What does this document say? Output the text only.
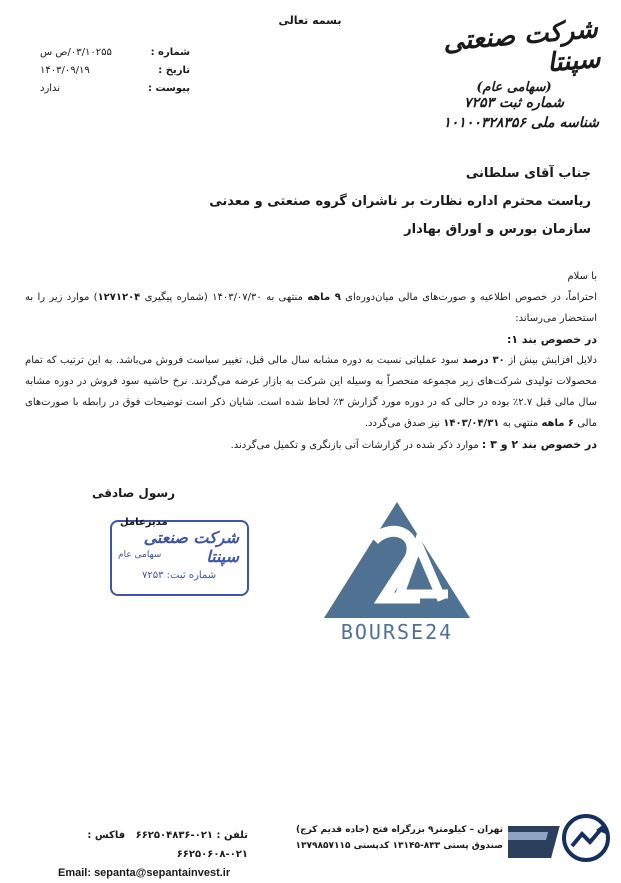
بسمه تعالی
شماره :
۰۳/۱۰۲۵۵/ص س
تاریخ :
۱۴۰۳/۰۹/۱۹
پیوست :
ندارد
شرکت صنعتی سپنتا
(سهامی عام)
شماره ثبت ۷۲۵۳
شناسه ملی ۱۰۱۰۰۳۲۸۳۵۶
جناب آقای سلطانی
ریاست محترم اداره نظارت بر ناشران گروه صنعتی و معدنی
سازمان بورس و اوراق بهادار

با سلام

احتراماً، در خصوص اطلاعیه و صورت‌های مالی میان‌دوره‌ای ۹ ماهه منتهی به ۱۴۰۳/۰۷/۳۰ (شماره پیگیری ۱۲۷۱۲۰۴) موارد زیر را به استحضار می‌رساند:

در خصوص بند ۱:

دلایل افزایش بیش از ۳۰ درصد سود عملیاتی نسبت به دوره مشابه سال مالی قبل، تغییر سیاست فروش می‌باشد. به این ترتیب که تمام محصولات تولیدی شرکت‌های زیر مجموعه منحصراً به وسیله این شرکت به بازار عرضه می‌گردند. نرخ حاشیه سود فروش در دوره مشابه سال مالی قبل ۲.۷٪ بوده در حالی که در دوره مورد گزارش ۳٪ لحاظ شده است. شایان ذکر است توضیحات فوق در رابطه با صورت‌های مالی ۶ ماهه منتهی به ۱۴۰۳/۰۴/۳۱ نیز صدق می‌گردد.

در خصوص بند ۲ و ۳ : موارد ذکر شده در گزارشات آتی بازنگری و تکمیل می‌گردند.

رسول صادقی
شرکت صنعتی سپنتا
سهامی عام
شماره ثبت: ۷۲۵۳
مدیرعامل
BOURSE24
تلفن : ۰۲۱-۶۶۲۵۰۴۸۳۶   فاکس : ۰۲۱-۶۶۲۵۰۶۰۸
Email: sepanta@sepantainvest.ir
تهران – کیلومتر۹ بزرگراه فتح (جاده قدیم کرج)
صندوق پستی ۸۳۳-۱۳۱۴۵ کدپستی ۱۳۷۹۸۵۷۱۱۵
